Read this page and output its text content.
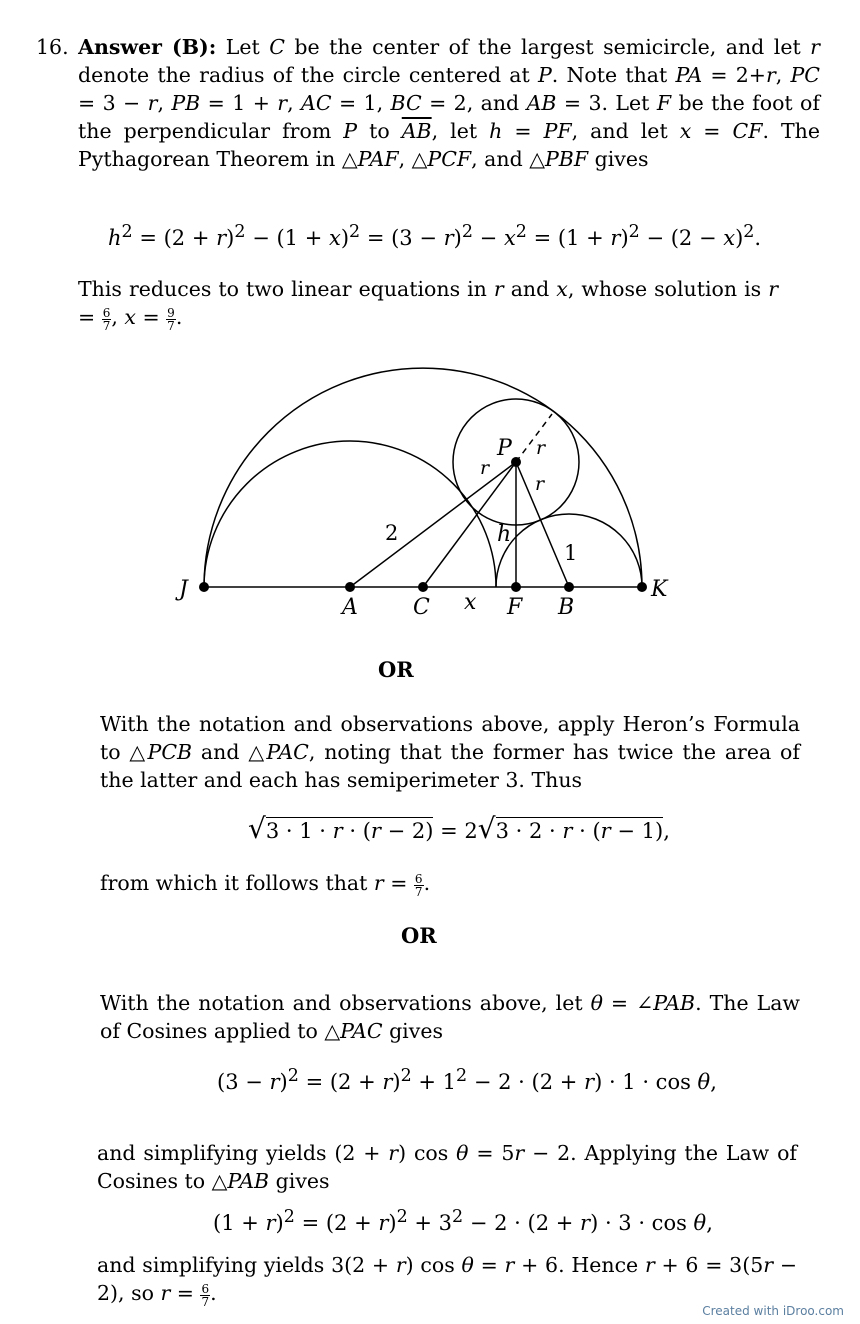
16. Answer (B): Let C be the center of the largest semicircle, and let r denote the radius of the circle centered at P. Note that PA = 2+r, PC = 3 − r, PB = 1 + r, AC = 1, BC = 2, and AB = 3. Let F be the foot of the perpendicular from P to $\overline{AB}$, let h = PF, and let x = CF. The Pythagorean Theorem in △PAF, △PCF, and △PBF gives
$h^2 = (2 + r)^2 - (1 + x)^2 = (3 - r)^2 - x^2 = (1 + r)^2 - (2 - x)^2$.
This reduces to two linear equations in r and x, whose solution is $r = \frac{6}{7}$ , $x = \frac{9}{7}$ .
J
A	C x F B
K
P
h
r
r
r
2
1
OR
With the notation and observations above, apply Heron’s Formula to △PCB and △PAC, noting that the former has twice the area of the latter and each has semiperimeter 3. Thus
√3 · 1 · r · (r − 2) = 2√3 · 2 · r · (r − 1),
from which it follows that $r = \frac{6}{7}$ .
OR
With the notation and observations above, let θ = ∠PAB. The Law of Cosines applied to △PAC gives
$(3 - r)^2 = (2 + r)^2 + 1^2 - 2 \cdot (2 + r) \cdot 1 \cdot \cos \theta$,
and simplifying yields (2 + r) cos θ = 5r − 2. Applying the Law of Cosines to △PAB gives
$(1 + r)^2 = (2 + r)^2 + 3^2 - 2 \cdot (2 + r) \cdot 3 \cdot \cos \theta$,
and simplifying yields 3(2 + r) cos θ = r + 6. Hence r + 6 = 3(5r − 2), so $r = \frac{6}{7}$ .
Created with iDroo.com
